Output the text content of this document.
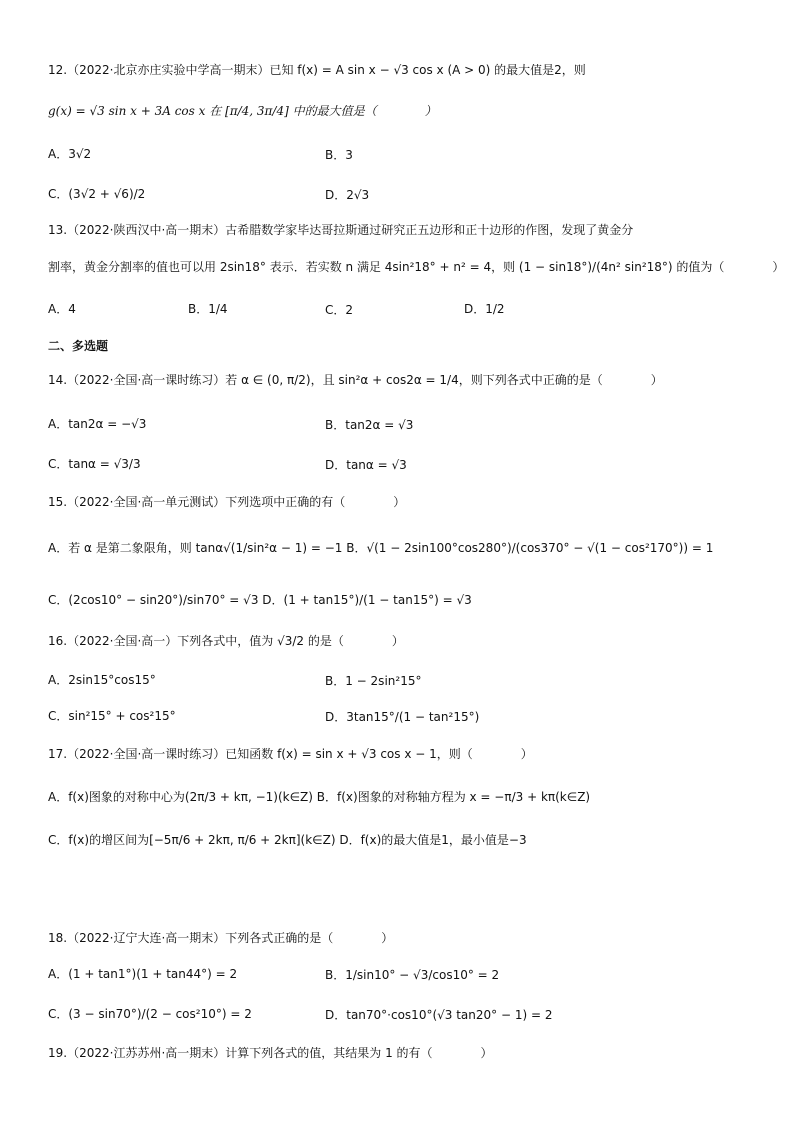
12.（2022·北京亦庄实验中学高一期末）已知 f(x) = A sin x − √3 cos x (A > 0) 的最大值是2，则
g(x) = √3 sin x + 3A cos x 在 [π/4, 3π/4] 中的最大值是（　　　　）
A．3√2	B．3
C．(3√2 + √6)/2	D．2√3
13.（2022·陕西汉中·高一期末）古希腊数学家毕达哥拉斯通过研究正五边形和正十边形的作图，发现了黄金分
割率，黄金分割率的值也可以用 2sin18° 表示．若实数 n 满足 4sin²18° + n² = 4，则 (1 − sin18°)/(4n² sin²18°) 的值为（　　　　）
A．4	B．1/4	C．2	D．1/2
二、多选题
14.（2022·全国·高一课时练习）若 α ∈ (0, π/2)，且 sin²α + cos2α = 1/4，则下列各式中正确的是（　　　　）
A．tan2α = −√3	B．tan2α = √3
C．tanα = √3/3	D．tanα = √3
15.（2022·全国·高一单元测试）下列选项中正确的有（　　　　）
A．若 α 是第二象限角，则 tanα√(1/sin²α − 1) = −1 B．√(1 − 2sin100°cos280°)/(cos370° − √(1 − cos²170°)) = 1
C．(2cos10° − sin20°)/sin70° = √3 D．(1 + tan15°)/(1 − tan15°) = √3
16.（2022·全国·高一）下列各式中，值为 √3/2 的是（　　　　）
A．2sin15°cos15°	B．1 − 2sin²15°
C．sin²15° + cos²15°	D．3tan15°/(1 − tan²15°)
17.（2022·全国·高一课时练习）已知函数 f(x) = sin x + √3 cos x − 1，则（　　　　）
A．f(x)图象的对称中心为(2π/3 + kπ, −1)(k∈Z) B．f(x)图象的对称轴方程为 x = −π/3 + kπ(k∈Z)
C．f(x)的增区间为[−5π/6 + 2kπ, π/6 + 2kπ](k∈Z) D．f(x)的最大值是1，最小值是−3
18.（2022·辽宁大连·高一期末）下列各式正确的是（　　　　）
A．(1 + tan1°)(1 + tan44°) = 2	B．1/sin10° − √3/cos10° = 2
C．(3 − sin70°)/(2 − cos²10°) = 2	D．tan70°·cos10°(√3 tan20° − 1) = 2
19.（2022·江苏苏州·高一期末）计算下列各式的值，其结果为 1 的有（　　　　）
